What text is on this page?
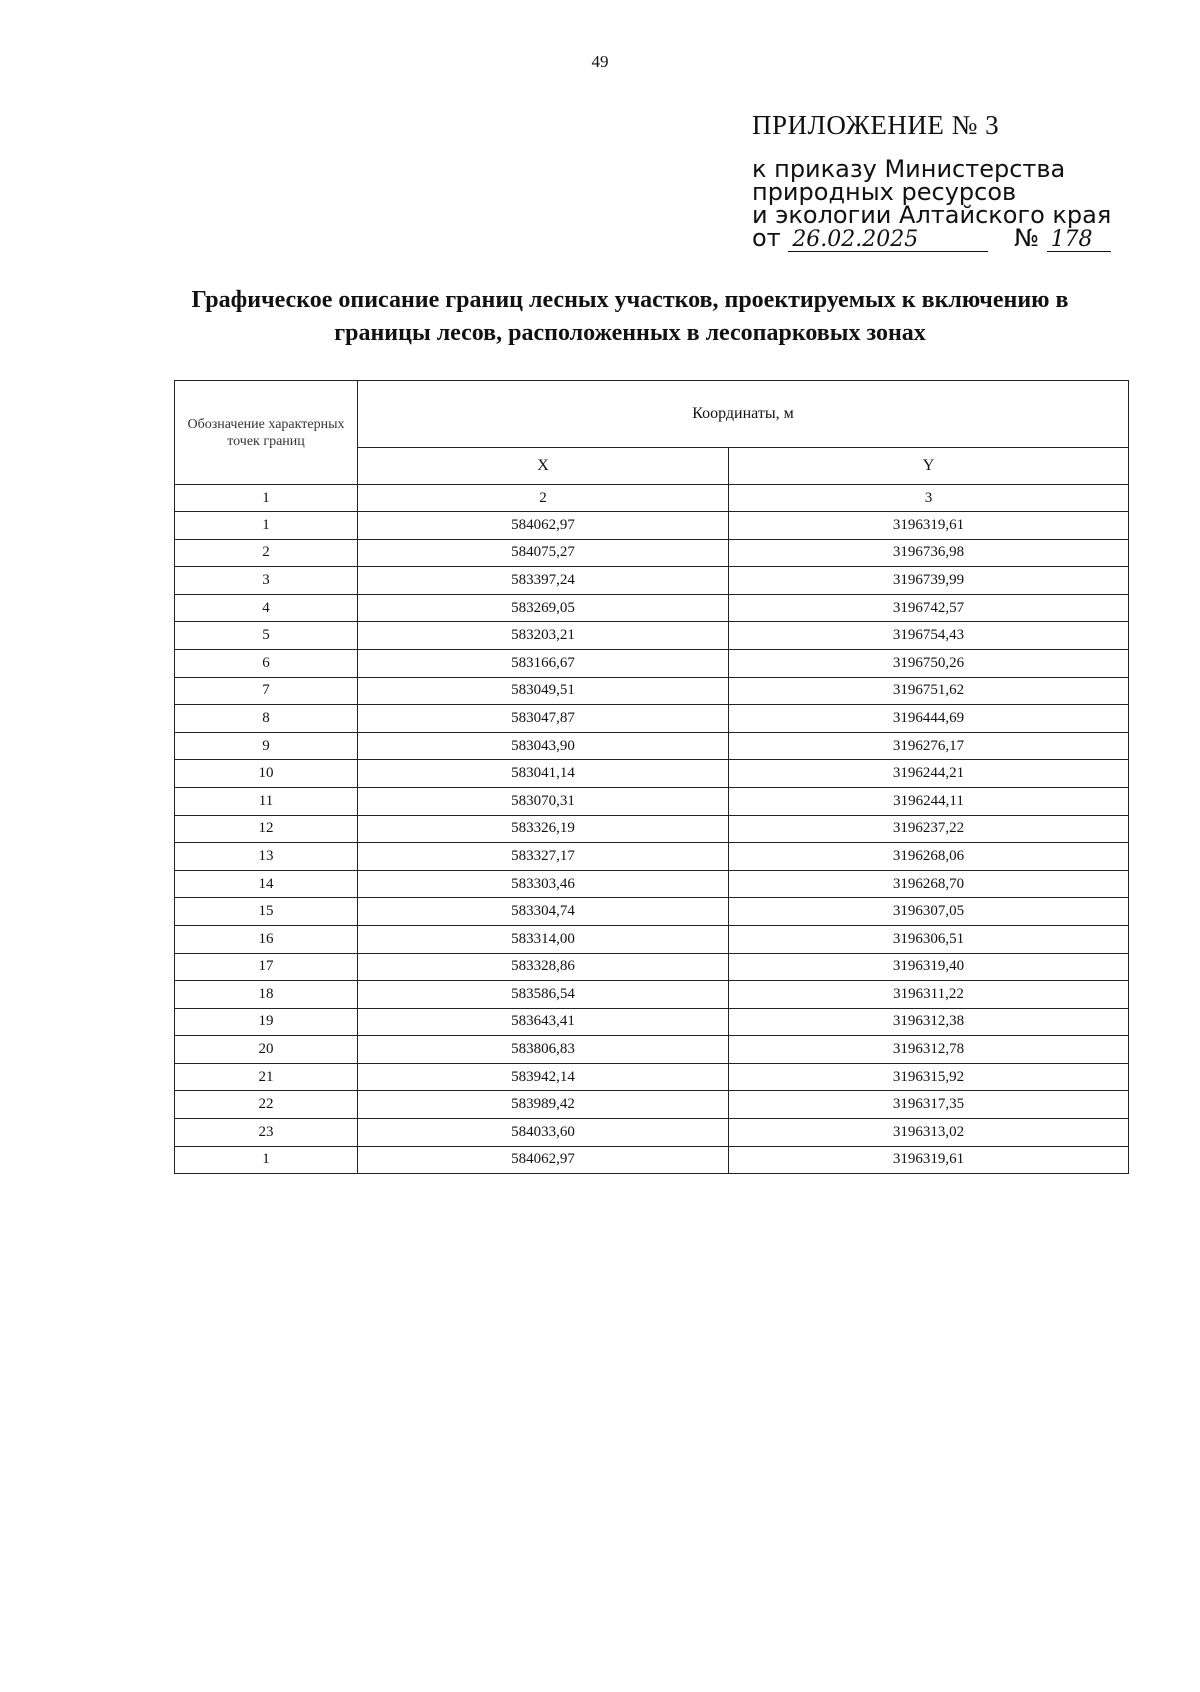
49
ПРИЛОЖЕНИЕ № 3
к приказу Министерства
природных ресурсов
и экологии Алтайского края
от 26.02.2025	№ 178
Графическое описание границ лесных участков, проектируемых к включению в границы лесов, расположенных в лесопарковых зонах
Обозначение характерных точек границ	Координаты, м	
	X	Y
1	2	3
1	584062,97	3196319,61
2	584075,27	3196736,98
3	583397,24	3196739,99
4	583269,05	3196742,57
5	583203,21	3196754,43
6	583166,67	3196750,26
7	583049,51	3196751,62
8	583047,87	3196444,69
9	583043,90	3196276,17
10	583041,14	3196244,21
11	583070,31	3196244,11
12	583326,19	3196237,22
13	583327,17	3196268,06
14	583303,46	3196268,70
15	583304,74	3196307,05
16	583314,00	3196306,51
17	583328,86	3196319,40
18	583586,54	3196311,22
19	583643,41	3196312,38
20	583806,83	3196312,78
21	583942,14	3196315,92
22	583989,42	3196317,35
23	584033,60	3196313,02
1	584062,97	3196319,61
